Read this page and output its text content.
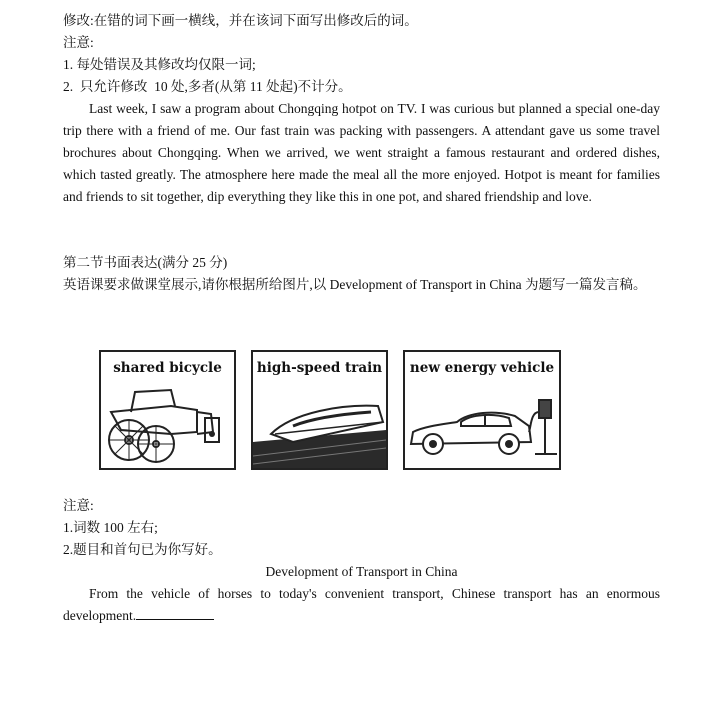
修改:在错的词下画一横线，并在该词下面写出修改后的词。
注意:
1. 每处错误及其修改均仅限一词;
2.  只允许修改  10 处,多者(从第 11 处起)不计分。

Last week, I saw a program about Chongqing hotpot on TV. I was curious but planned a special one-day trip there with a friend of me. Our fast train was packing with passengers. A attendant gave us some travel brochures about Chongqing. When we arrived, we went straight a famous restaurant and ordered dishes, which tasted greatly. The atmosphere here made the meal all the more enjoyed. Hotpot is meant for families and friends to sit together, dip everything they like this in one pot, and shared friendship and love.

第二节书面表达(满分 25 分)

英语课要求做课堂展示,请你根据所给图片,以 Development of Transport in China 为题写一篇发言稿。

shared bicycle	high-speed train	new energy vehicle
注意:
1.词数 100 左右;
2.题目和首句已为你写好。
Development of Transport in China

From the vehicle of horses to today's convenient transport, Chinese transport has an enormous development.
